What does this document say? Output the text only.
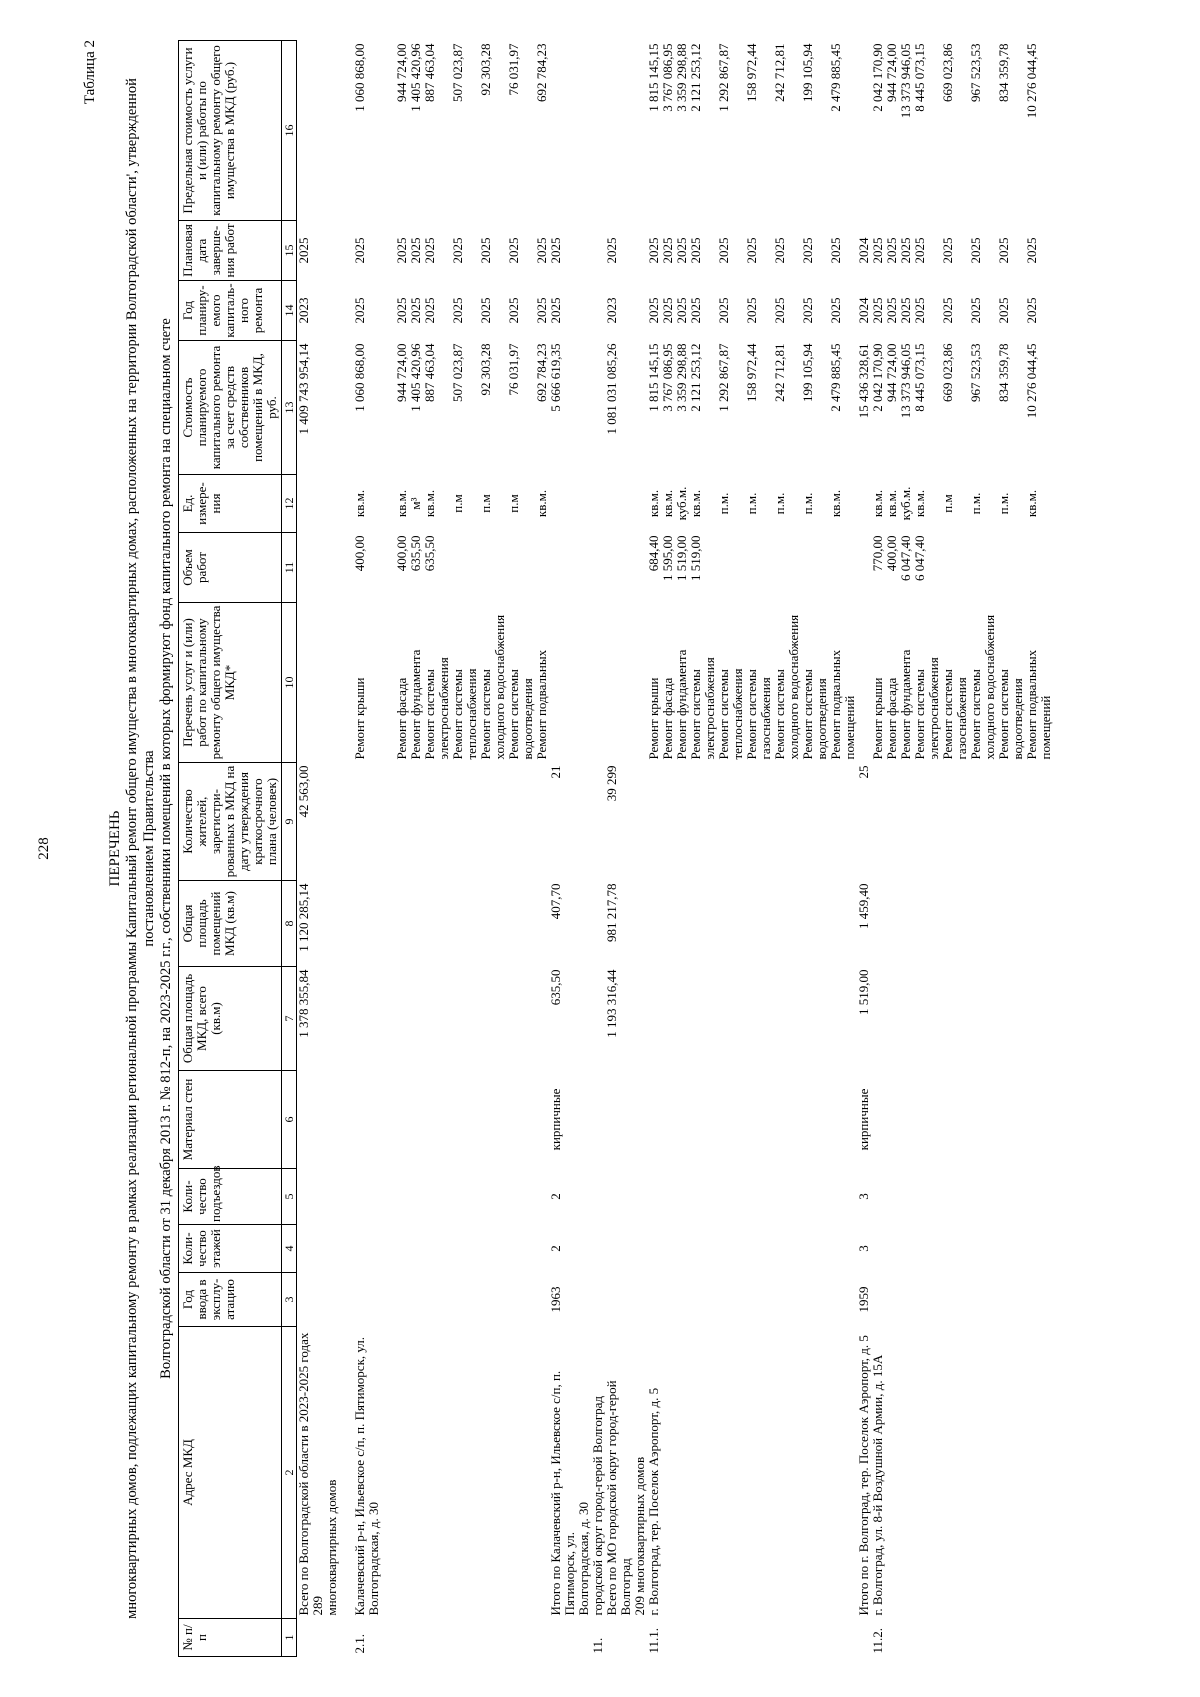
228
Таблица 2
ПЕРЕЧЕНЬ многоквартирных домов, подлежащих капитальному ремонту в рамках реализации региональной программы Капитальный ремонт общего имущества в многоквартирных домах, расположенных на территории Волгоградской области', утвержденной постановлением Правительства Волгоградской области от 31 декабря 2013 г. № 812-п, на 2023-2025 г.г., собственники помещений в которых формируют фонд капитального ремонта на специальном счете
№ п/п	Адрес МКД	Год ввода в эксплу-атацию	Коли-чество этажей	Коли-чество подъездов	Материал стен	Общая площадь МКД, всего (кв.м)	Общая площадь помещений МКД (кв.м)	Количество жителей, зарегистри-рованных в МКД на дату утверждения краткосрочного плана (человек)	Перечень услуг и (или) работ по капитальному ремонту общего имущества МКД*	Объем работ	Ед. измере-ния	Стоимость планируемого капитального ремонта за счет средств собственников помещений в МКД, руб.	Год планиру-емого капиталь-ного ремонта	Плановая дата заверше-ния работ	Предельная стоимость услуги и (или) работы по капитальному ремонту общего имущества в МКД (руб.)
1	2	3	4	5	6	7	8	9	10	11	12	13	14	15	16
	Всего по Волгоградской области в 2023-2025 годах 289					1 378 355,84	1 120 285,14	42 563,00				1 409 743 954,14	2023	2025	
	многоквартирных домов														

2.1.	Калачевский р-н, Ильевское с/п, п. Пятиморск, ул.								Ремонт крыши	400,00	кв.м.	1 060 868,00	2025	2025	1 060 868,00
	Волгоградская, д. 30														

									Ремонт фасада	400,00	кв.м.	944 724,00	2025	2025	944 724,00
									Ремонт фундамента	635,50	м³	1 405 420,96	2025	2025	1 405 420,96
									Ремонт системы	635,50	кв.м.	887 463,04	2025	2025	887 463,04
									электроснабжения						
									Ремонт системы		п.м	507 023,87	2025	2025	507 023,87
									теплоснабжения						
									Ремонт системы		п.м	92 303,28	2025	2025	92 303,28
									холодного водоснабжения						
									Ремонт системы		п.м	76 031,97	2025	2025	76 031,97
									водоотведения						
									Ремонт подвальных		кв.м.	692 784,23	2025	2025	692 784,23
	Итого по Калачевский р-н, Ильевское с/п, п. Пятиморск, ул.	1963	2	2	кирпичные	635,50	407,70	21				5 666 619,35	2025	2025	
	Волгоградская, д. 30														
11.	городской округ город-герой Волгоград														
	Всего по МО городской округ город-герой Волгоград					1 193 316,44	981 217,78	39 299				1 081 031 085,26	2023	2025	
	209 многоквартирных домов														
11.1.	г. Волгоград, тер. Поселок Аэропорт, д. 5								Ремонт крыши	684,40	кв.м.	1 815 145,15	2025	2025	1 815 145,15
									Ремонт фасада	1 595,00	кв.м.	3 767 086,95	2025	2025	3 767 086,95
									Ремонт фундамента	1 519,00	куб.м.	3 359 298,88	2025	2025	3 359 298,88
									Ремонт системы	1 519,00	кв.м.	2 121 253,12	2025	2025	2 121 253,12
									электроснабжения						
									Ремонт системы		п.м.	1 292 867,87	2025	2025	1 292 867,87
									теплоснабжения						
									Ремонт системы		п.м.	158 972,44	2025	2025	158 972,44
									газоснабжения						
									Ремонт системы		п.м.	242 712,81	2025	2025	242 712,81
									холодного водоснабжения						
									Ремонт системы		п.м.	199 105,94	2025	2025	199 105,94
									водоотведения						
									Ремонт подвальных		кв.м.	2 479 885,45	2025	2025	2 479 885,45
									помещений						
	Итого по г. Волгоград, тер. Поселок Аэропорт, д. 5	1959	3	3	кирпичные	1 519,00	1 459,40	25				15 436 328,61	2024	2024	
11.2.	г. Волгоград, ул. 8-й Воздушной Армии, д. 15А								Ремонт крыши	770,00	кв.м.	2 042 170,90	2025	2025	2 042 170,90
									Ремонт фасада	400,00	кв.м.	944 724,00	2025	2025	944 724,00
									Ремонт фундамента	6 047,40	куб.м.	13 373 946,05	2025	2025	13 373 946,05
									Ремонт системы	6 047,40	кв.м.	8 445 073,15	2025	2025	8 445 073,15
									электроснабжения						
									Ремонт системы		п.м	669 023,86	2025	2025	669 023,86
									газоснабжения						
									Ремонт системы		п.м.	967 523,53	2025	2025	967 523,53
									холодного водоснабжения						
									Ремонт системы		п.м.	834 359,78	2025	2025	834 359,78
									водоотведения						
									Ремонт подвальных		кв.м.	10 276 044,45	2025	2025	10 276 044,45
									помещений						
